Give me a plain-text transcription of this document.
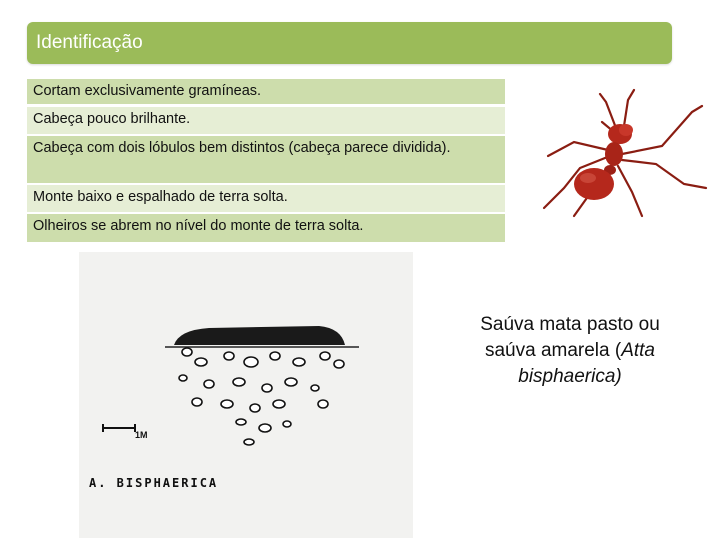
Identificação
Cortam exclusivamente gramíneas.
Cabeça pouco brilhante.
Cabeça com dois lóbulos bem distintos (cabeça parece dividida).
Monte baixo e espalhado de terra solta.
Olheiros se abrem no nível do monte de terra solta.
1M
A. BISPHAERICA
Saúva mata pasto ou
saúva amarela (Atta
bisphaerica)
